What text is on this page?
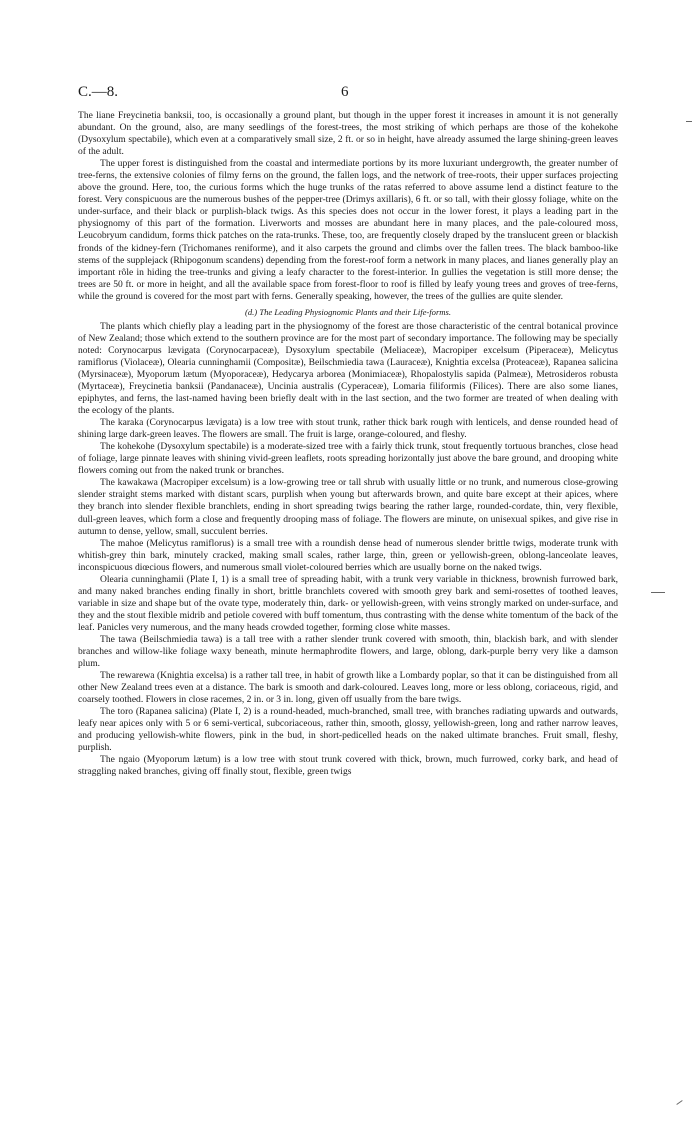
C.—8.	6

The liane Freycinetia banksii, too, is occasionally a ground plant, but though in the upper forest it increases in amount it is not generally abundant. On the ground, also, are many seedlings of the forest-trees, the most striking of which perhaps are those of the kohekohe (Dysoxylum spectabile), which even at a comparatively small size, 2 ft. or so in height, have already assumed the large shining-green leaves of the adult.

The upper forest is distinguished from the coastal and intermediate portions by its more luxuriant undergrowth, the greater number of tree-ferns, the extensive colonies of filmy ferns on the ground, the fallen logs, and the network of tree-roots, their upper surfaces projecting above the ground. Here, too, the curious forms which the huge trunks of the ratas referred to above assume lend a distinct feature to the forest. Very conspicuous are the numerous bushes of the pepper-tree (Drimys axillaris), 6 ft. or so tall, with their glossy foliage, white on the under-surface, and their black or purplish-black twigs. As this species does not occur in the lower forest, it plays a leading part in the physiognomy of this part of the formation. Liverworts and mosses are abundant here in many places, and the pale-coloured moss, Leucobryum candidum, forms thick patches on the rata-trunks. These, too, are frequently closely draped by the translucent green or blackish fronds of the kidney-fern (Trichomanes reniforme), and it also carpets the ground and climbs over the fallen trees. The black bamboo-like stems of the supplejack (Rhipogonum scandens) depending from the forest-roof form a network in many places, and lianes generally play an important rôle in hiding the tree-trunks and giving a leafy character to the forest-interior. In gullies the vegetation is still more dense; the trees are 50 ft. or more in height, and all the available space from forest-floor to roof is filled by leafy young trees and groves of tree-ferns, while the ground is covered for the most part with ferns. Generally speaking, however, the trees of the gullies are quite slender.

(d.) The Leading Physiognomic Plants and their Life-forms.

The plants which chiefly play a leading part in the physiognomy of the forest are those characteristic of the central botanical province of New Zealand; those which extend to the southern province are for the most part of secondary importance. The following may be specially noted: Corynocarpus lævigata (Corynocarpaceæ), Dysoxylum spectabile (Meliaceæ), Macropiper excelsum (Piperaceæ), Melicytus ramiflorus (Violaceæ), Olearia cunninghamii (Compositæ), Beilschmiedia tawa (Lauraceæ), Knightia excelsa (Proteaceæ), Rapanea salicina (Myrsinaceæ), Myoporum lætum (Myoporaceæ), Hedycarya arborea (Monimiaceæ), Rhopalostylis sapida (Palmeæ), Metrosideros robusta (Myrtaceæ), Freycinetia banksii (Pandanaceæ), Uncinia australis (Cyperaceæ), Lomaria filiformis (Filices). There are also some lianes, epiphytes, and ferns, the last-named having been briefly dealt with in the last section, and the two former are treated of when dealing with the ecology of the plants.

The karaka (Corynocarpus lævigata) is a low tree with stout trunk, rather thick bark rough with lenticels, and dense rounded head of shining large dark-green leaves. The flowers are small. The fruit is large, orange-coloured, and fleshy.

The kohekohe (Dysoxylum spectabile) is a moderate-sized tree with a fairly thick trunk, stout frequently tortuous branches, close head of foliage, large pinnate leaves with shining vivid-green leaflets, roots spreading horizontally just above the bare ground, and drooping white flowers coming out from the naked trunk or branches.

The kawakawa (Macropiper excelsum) is a low-growing tree or tall shrub with usually little or no trunk, and numerous close-growing slender straight stems marked with distant scars, purplish when young but afterwards brown, and quite bare except at their apices, where they branch into slender flexible branchlets, ending in short spreading twigs bearing the rather large, rounded-cordate, thin, very flexible, dull-green leaves, which form a close and frequently drooping mass of foliage. The flowers are minute, on unisexual spikes, and give rise in autumn to dense, yellow, small, succulent berries.

The mahoe (Melicytus ramiflorus) is a small tree with a roundish dense head of numerous slender brittle twigs, moderate trunk with whitish-grey thin bark, minutely cracked, making small scales, rather large, thin, green or yellowish-green, oblong-lanceolate leaves, inconspicuous diœcious flowers, and numerous small violet-coloured berries which are usually borne on the naked twigs.

Olearia cunninghamii (Plate I, 1) is a small tree of spreading habit, with a trunk very variable in thickness, brownish furrowed bark, and many naked branches ending finally in short, brittle branchlets covered with smooth grey bark and semi-rosettes of toothed leaves, variable in size and shape but of the ovate type, moderately thin, dark- or yellowish-green, with veins strongly marked on under-surface, and they and the stout flexible midrib and petiole covered with buff tomentum, thus contrasting with the dense white tomentum of the back of the leaf. Panicles very numerous, and the many heads crowded together, forming close white masses.

The tawa (Beilschmiedia tawa) is a tall tree with a rather slender trunk covered with smooth, thin, blackish bark, and with slender branches and willow-like foliage waxy beneath, minute hermaphrodite flowers, and large, oblong, dark-purple berry very like a damson plum.

The rewarewa (Knightia excelsa) is a rather tall tree, in habit of growth like a Lombardy poplar, so that it can be distinguished from all other New Zealand trees even at a distance. The bark is smooth and dark-coloured. Leaves long, more or less oblong, coriaceous, rigid, and coarsely toothed. Flowers in close racemes, 2 in. or 3 in. long, given off usually from the bare twigs.

The toro (Rapanea salicina) (Plate I, 2) is a round-headed, much-branched, small tree, with branches radiating upwards and outwards, leafy near apices only with 5 or 6 semi-vertical, subcoriaceous, rather thin, smooth, glossy, yellowish-green, long and rather narrow leaves, and producing yellowish-white flowers, pink in the bud, in short-pedicelled heads on the naked ultimate branches. Fruit small, fleshy, purplish.

The ngaio (Myoporum lætum) is a low tree with stout trunk covered with thick, brown, much furrowed, corky bark, and head of straggling naked branches, giving off finally stout, flexible, green twigs
